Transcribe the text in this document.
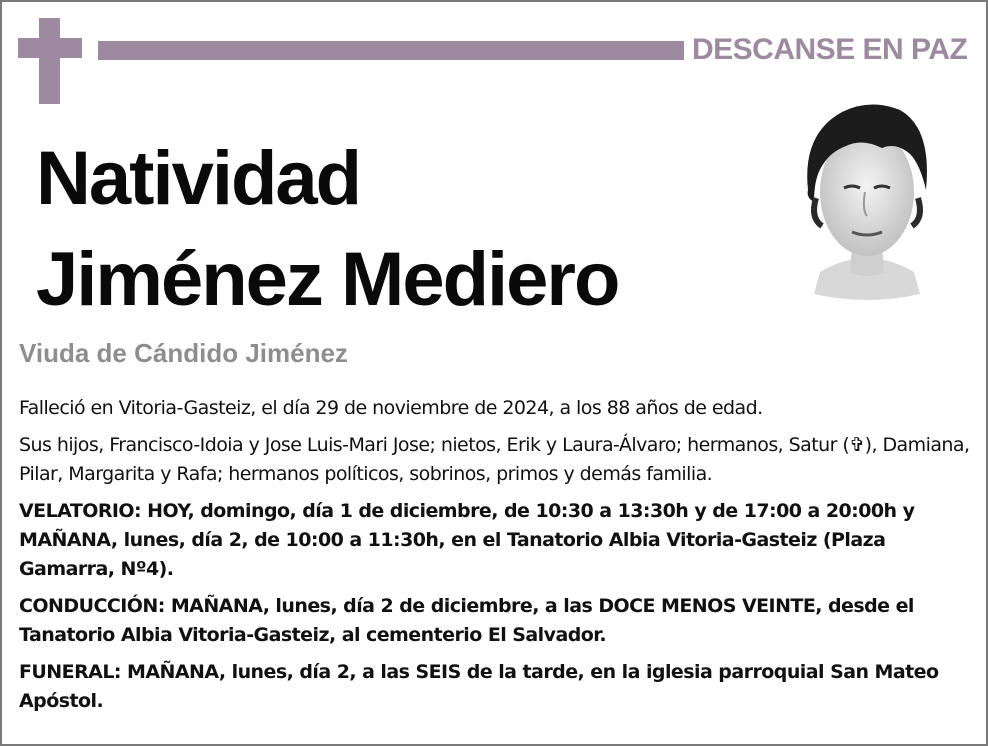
DESCANSE EN PAZ
Natividad
Jiménez Mediero
Viuda de Cándido Jiménez

Falleció en Vitoria-Gasteiz, el día 29 de noviembre de 2024, a los 88 años de edad.

Sus hijos, Francisco-Idoia y Jose Luis-Mari Jose; nietos, Erik y Laura-Álvaro; hermanos, Satur (✞), Damiana, Pilar, Margarita y Rafa; hermanos políticos, sobrinos, primos y demás familia.

VELATORIO: HOY, domingo, día 1 de diciembre, de 10:30 a 13:30h y de 17:00 a 20:00h y MAÑANA, lunes, día 2, de 10:00 a 11:30h, en el Tanatorio Albia Vitoria-Gasteiz (Plaza Gamarra, Nº4).

CONDUCCIÓN: MAÑANA, lunes, día 2 de diciembre, a las DOCE MENOS VEINTE, desde el Tanatorio Albia Vitoria-Gasteiz, al cementerio El Salvador.

FUNERAL: MAÑANA, lunes, día 2, a las SEIS de la tarde, en la iglesia parroquial San Mateo Apóstol.
